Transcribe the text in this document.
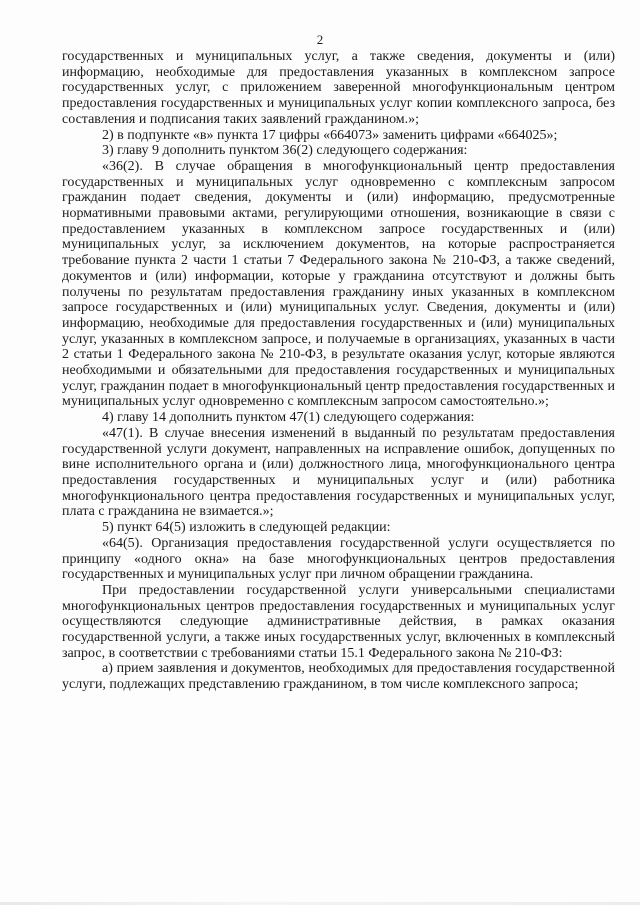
2

государственных и муниципальных услуг, а также сведения, документы и (или) информацию, необходимые для предоставления указанных в комплексном запросе государственных услуг, с приложением заверенной многофункциональным центром предоставления государственных и муниципальных услуг копии комплексного запроса, без составления и подписания таких заявлений гражданином.»;

2) в подпункте «в» пункта 17 цифры «664073» заменить цифрами «664025»;

3) главу 9 дополнить пунктом 36(2) следующего содержания:

«36(2). В случае обращения в многофункциональный центр предоставления государственных и муниципальных услуг одновременно с комплексным запросом гражданин подает сведения, документы и (или) информацию, предусмотренные нормативными правовыми актами, регулирующими отношения, возникающие в связи с предоставлением указанных в комплексном запросе государственных и (или) муниципальных услуг, за исключением документов, на которые распространяется требование пункта 2 части 1 статьи 7 Федерального закона № 210-ФЗ, а также сведений, документов и (или) информации, которые у гражданина отсутствуют и должны быть получены по результатам предоставления гражданину иных указанных в комплексном запросе государственных и (или) муниципальных услуг. Сведения, документы и (или) информацию, необходимые для предоставления государственных и (или) муниципальных услуг, указанных в комплексном запросе, и получаемые в организациях, указанных в части 2 статьи 1 Федерального закона № 210-ФЗ, в результате оказания услуг, которые являются необходимыми и обязательными для предоставления государственных и муниципальных услуг, гражданин подает в многофункциональный центр предоставления государственных и муниципальных услуг одновременно с комплексным запросом самостоятельно.»;

4) главу 14 дополнить пунктом 47(1) следующего содержания:

«47(1). В случае внесения изменений в выданный по результатам предоставления государственной услуги документ, направленных на исправление ошибок, допущенных по вине исполнительного органа и (или) должностного лица, многофункционального центра предоставления государственных и муниципальных услуг и (или) работника многофункционального центра предоставления государственных и муниципальных услуг, плата с гражданина не взимается.»;

5) пункт 64(5) изложить в следующей редакции:

«64(5). Организация предоставления государственной услуги осуществляется по принципу «одного окна» на базе многофункциональных центров предоставления государственных и муниципальных услуг при личном обращении гражданина.

При предоставлении государственной услуги универсальными специалистами многофункциональных центров предоставления государственных и муниципальных услуг осуществляются следующие административные действия, в рамках оказания государственной услуги, а также иных государственных услуг, включенных в комплексный запрос, в соответствии с требованиями статьи 15.1 Федерального закона № 210-ФЗ:

а) прием заявления и документов, необходимых для предоставления государственной услуги, подлежащих представлению гражданином, в том числе комплексного запроса;
